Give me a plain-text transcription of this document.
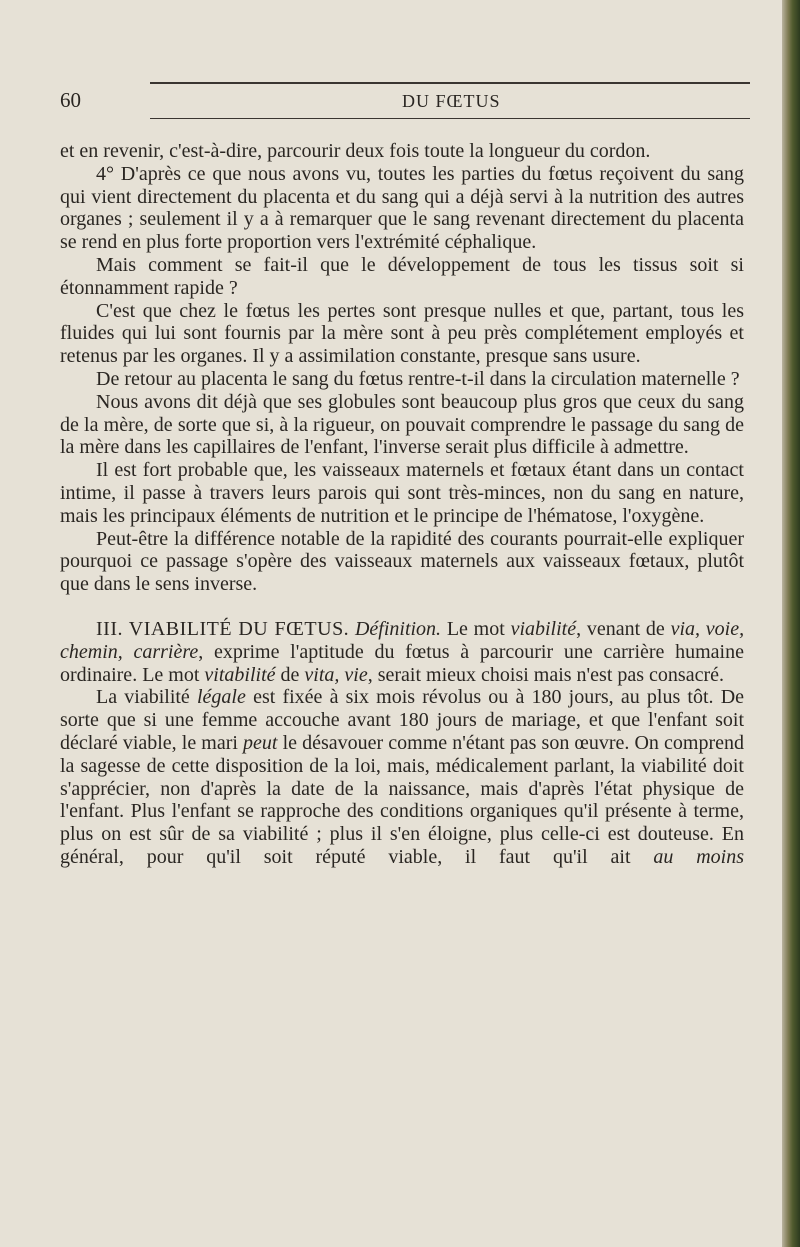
60	DU FŒTUS

et en revenir, c'est-à-dire, parcourir deux fois toute la longueur du cordon.

4° D'après ce que nous avons vu, toutes les parties du fœtus reçoivent du sang qui vient directement du placenta et du sang qui a déjà servi à la nutrition des autres organes ; seulement il y a à remarquer que le sang revenant directement du placenta se rend en plus forte proportion vers l'extrémité céphalique.

Mais comment se fait-il que le développement de tous les tissus soit si étonnamment rapide ?

C'est que chez le fœtus les pertes sont presque nulles et que, partant, tous les fluides qui lui sont fournis par la mère sont à peu près complétement employés et retenus par les organes. Il y a assimilation constante, presque sans usure.

De retour au placenta le sang du fœtus rentre-t-il dans la circulation maternelle ?

Nous avons dit déjà que ses globules sont beaucoup plus gros que ceux du sang de la mère, de sorte que si, à la rigueur, on pouvait comprendre le passage du sang de la mère dans les capillaires de l'enfant, l'inverse serait plus difficile à admettre.

Il est fort probable que, les vaisseaux maternels et fœtaux étant dans un contact intime, il passe à travers leurs parois qui sont très-minces, non du sang en nature, mais les principaux éléments de nutrition et le principe de l'hématose, l'oxygène.

Peut-être la différence notable de la rapidité des courants pourrait-elle expliquer pourquoi ce passage s'opère des vaisseaux maternels aux vaisseaux fœtaux, plutôt que dans le sens inverse.

III. VIABILITÉ DU FŒTUS. Définition. Le mot viabilité, venant de via, voie, chemin, carrière, exprime l'aptitude du fœtus à parcourir une carrière humaine ordinaire. Le mot vitabilité de vita, vie, serait mieux choisi mais n'est pas consacré.

La viabilité légale est fixée à six mois révolus ou à 180 jours, au plus tôt. De sorte que si une femme accouche avant 180 jours de mariage, et que l'enfant soit déclaré viable, le mari peut le désavouer comme n'étant pas son œuvre. On comprend la sagesse de cette disposition de la loi, mais, médicalement parlant, la viabilité doit s'apprécier, non d'après la date de la naissance, mais d'après l'état physique de l'enfant. Plus l'enfant se rapproche des conditions organiques qu'il présente à terme, plus on est sûr de sa viabilité ; plus il s'en éloigne, plus celle-ci est douteuse. En général, pour qu'il soit réputé viable, il faut qu'il ait au moins
